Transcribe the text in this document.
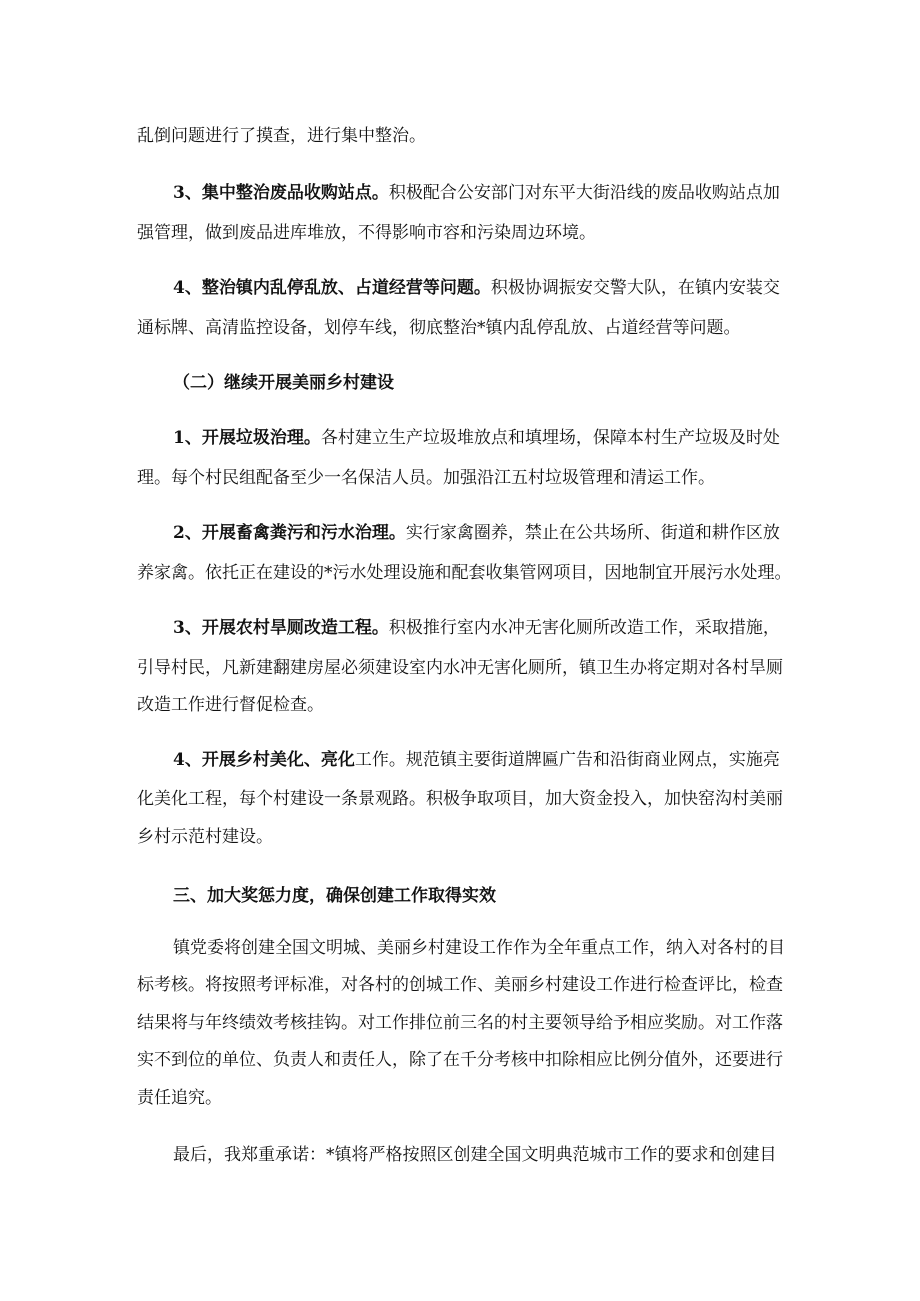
乱倒问题进行了摸查，进行集中整治。
3、集中整治废品收购站点。积极配合公安部门对东平大街沿线的废品收购站点加
强管理，做到废品进库堆放，不得影响市容和污染周边环境。
4、整治镇内乱停乱放、占道经营等问题。积极协调振安交警大队，在镇内安装交
通标牌、高清监控设备，划停车线，彻底整治*镇内乱停乱放、占道经营等问题。
（二）继续开展美丽乡村建设
1、开展垃圾治理。各村建立生产垃圾堆放点和填埋场，保障本村生产垃圾及时处
理。每个村民组配备至少一名保洁人员。加强沿江五村垃圾管理和清运工作。
2、开展畜禽粪污和污水治理。实行家禽圈养，禁止在公共场所、街道和耕作区放
养家禽。依托正在建设的*污水处理设施和配套收集管网项目，因地制宜开展污水处理。
3、开展农村旱厕改造工程。积极推行室内水冲无害化厕所改造工作，采取措施，
引导村民，凡新建翻建房屋必须建设室内水冲无害化厕所，镇卫生办将定期对各村旱厕
改造工作进行督促检查。
4、开展乡村美化、亮化工作。规范镇主要街道牌匾广告和沿街商业网点，实施亮
化美化工程，每个村建设一条景观路。积极争取项目，加大资金投入，加快窑沟村美丽
乡村示范村建设。
三、加大奖惩力度，确保创建工作取得实效
镇党委将创建全国文明城、美丽乡村建设工作作为全年重点工作，纳入对各村的目
标考核。将按照考评标准，对各村的创城工作、美丽乡村建设工作进行检查评比，检查
结果将与年终绩效考核挂钩。对工作排位前三名的村主要领导给予相应奖励。对工作落
实不到位的单位、负责人和责任人，除了在千分考核中扣除相应比例分值外，还要进行
责任追究。
最后，我郑重承诺：*镇将严格按照区创建全国文明典范城市工作的要求和创建目
